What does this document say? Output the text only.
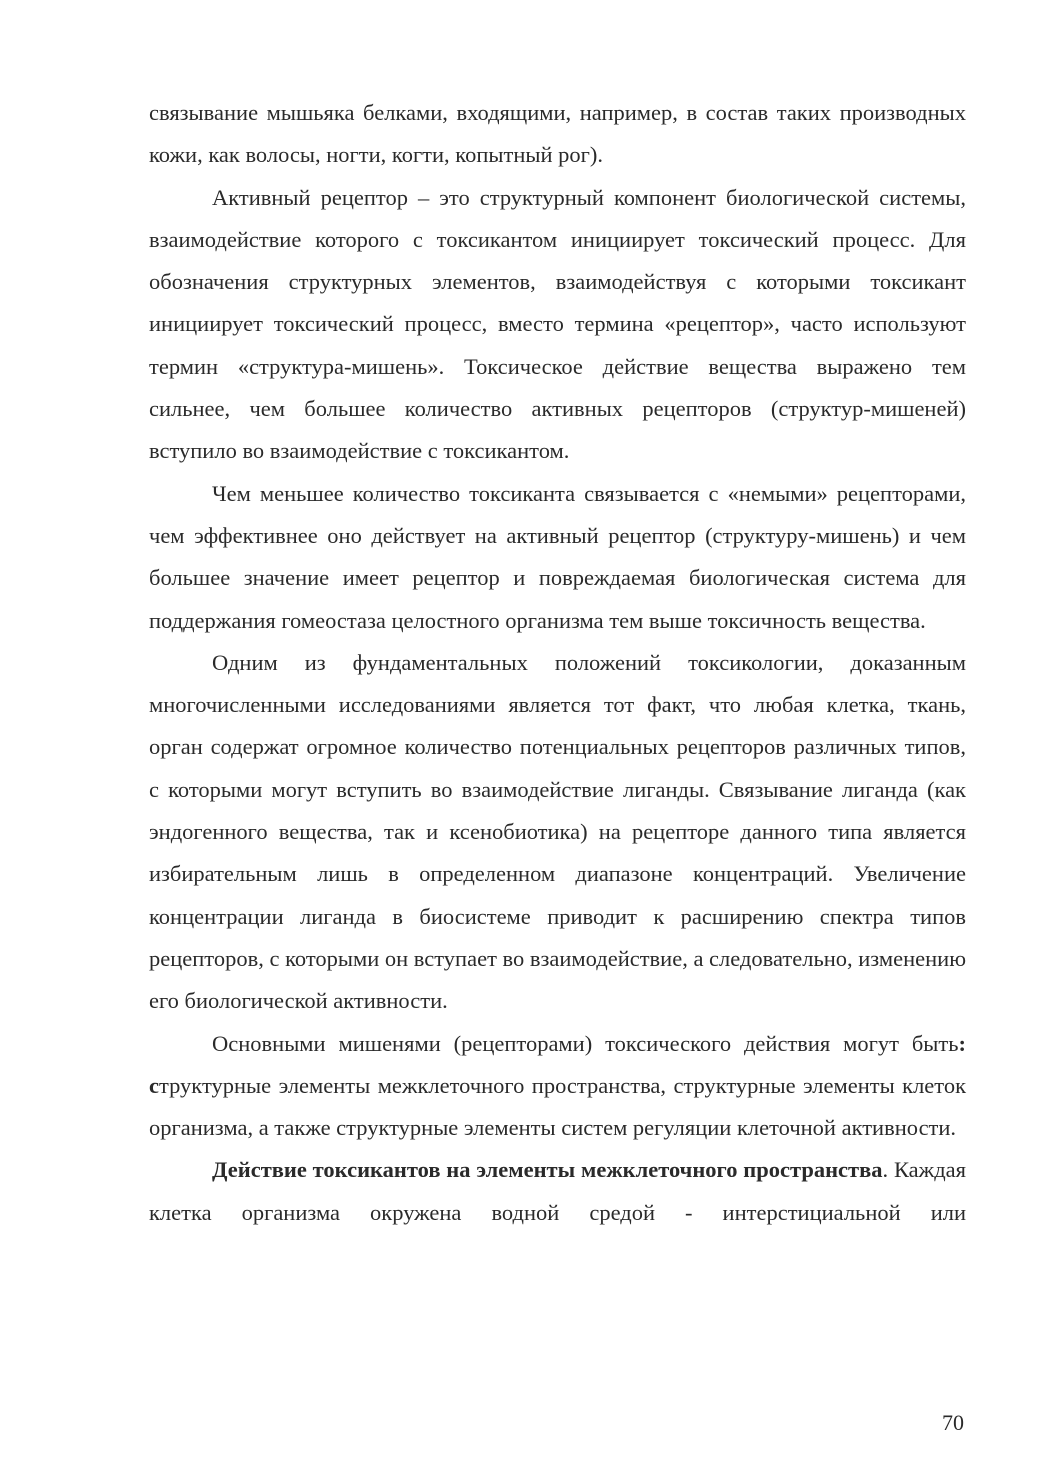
связывание мышьяка белками, входящими, например, в состав таких производных кожи, как волосы, ногти, когти, копытный рог).

Активный рецептор – это структурный компонент биологической системы, взаимодействие которого с токсикантом инициирует токсический процесс. Для обозначения структурных элементов, взаимодействуя с которыми токсикант инициирует токсический процесс, вместо термина «рецептор», часто используют термин «структура-мишень». Токсическое действие вещества выражено тем сильнее, чем большее количество активных рецепторов (структур-мишеней) вступило во взаимодействие с токсикантом.

Чем меньшее количество токсиканта связывается с «немыми» рецепторами, чем эффективнее оно действует на активный рецептор (структуру-мишень) и чем большее значение имеет рецептор и повреждаемая биологическая система для поддержания гомеостаза целостного организма тем выше токсичность вещества.

Одним из фундаментальных положений токсикологии, доказанным многочисленными исследованиями является тот факт, что любая клетка, ткань, орган содержат огромное количество потенциальных рецепторов различных типов, с которыми могут вступить во взаимодействие лиганды. Связывание лиганда (как эндогенного вещества, так и ксенобиотика) на рецепторе данного типа является избирательным лишь в определенном диапазоне концентраций. Увеличение концентрации лиганда в биосистеме приводит к расширению спектра типов рецепторов, с которыми он вступает во взаимодействие, а следовательно, изменению его биологической активности.

Основными мишенями (рецепторами) токсического действия могут быть: структурные элементы межклеточного пространства, структурные элементы клеток организма, а также структурные элементы систем регуляции клеточной активности.

Действие токсикантов на элементы межклеточного пространства. Каждая клетка организма окружена водной средой - интерстициальной или

70
